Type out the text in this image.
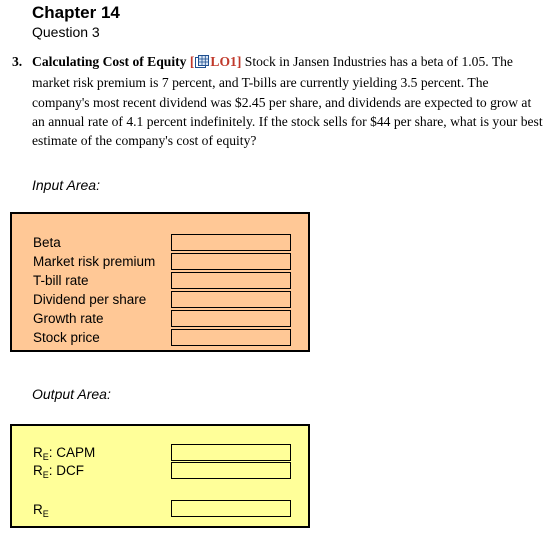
Chapter 14
Question 3
3. Calculating Cost of Equity [ LO1] Stock in Jansen Industries has a beta of 1.05. The market risk premium is 7 percent, and T-bills are currently yielding 3.5 percent. The company's most recent dividend was $2.45 per share, and dividends are expected to grow at an annual rate of 4.1 percent indefinitely. If the stock sells for $44 per share, what is your best estimate of the company's cost of equity?
Input Area:
Beta
Market risk premium
T-bill rate
Dividend per share
Growth rate
Stock price
Output Area:
$R_E$: CAPM
$R_E$: DCF
$R_E$
